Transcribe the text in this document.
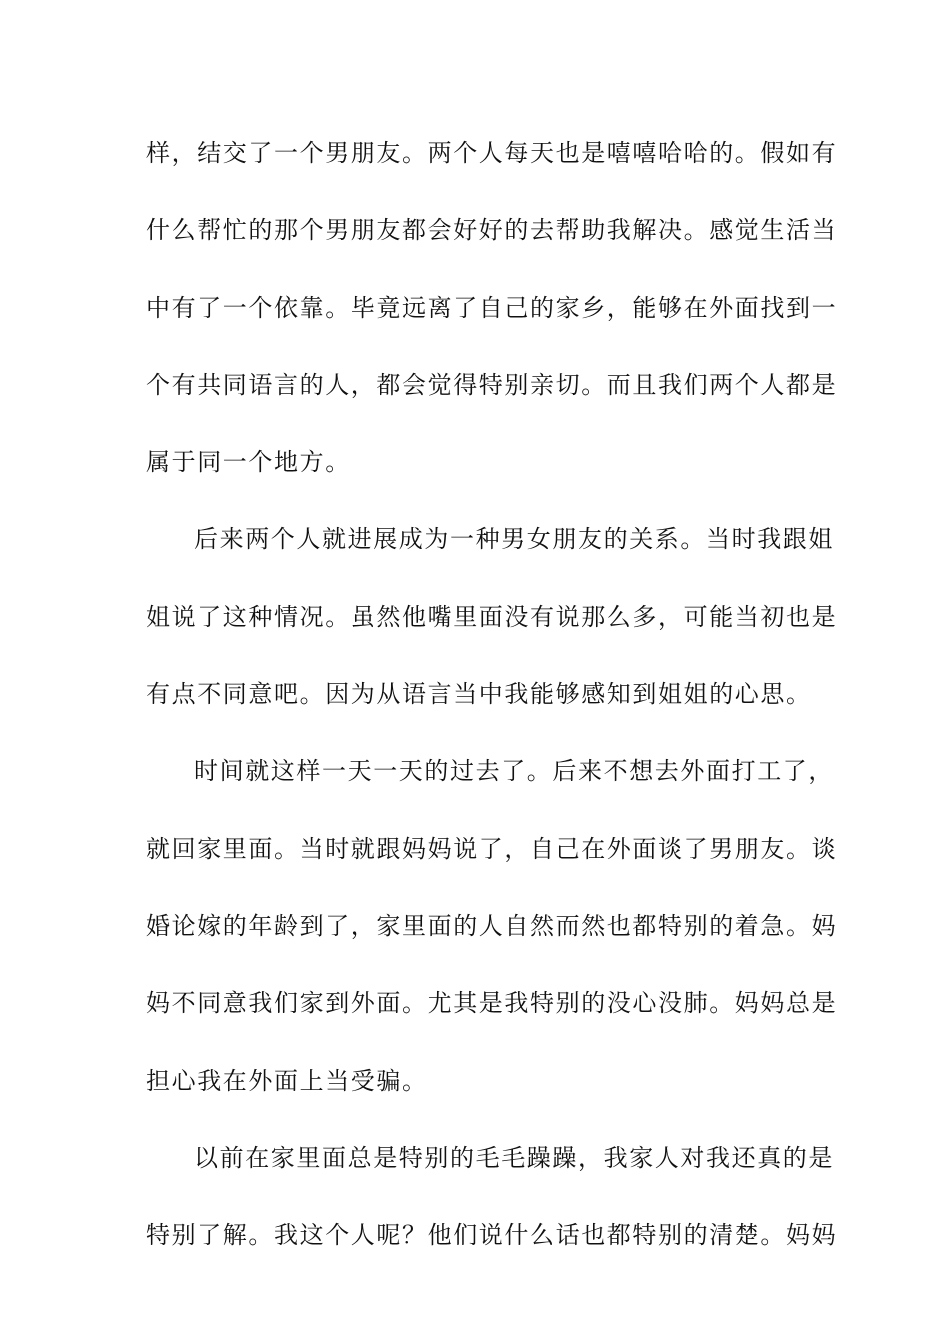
样，结交了一个男朋友。两个人每天也是嘻嘻哈哈的。假如有
什么帮忙的那个男朋友都会好好的去帮助我解决。感觉生活当
中有了一个依靠。毕竟远离了自己的家乡，能够在外面找到一
个有共同语言的人，都会觉得特别亲切。而且我们两个人都是
属于同一个地方。
后来两个人就进展成为一种男女朋友的关系。当时我跟姐
姐说了这种情况。虽然他嘴里面没有说那么多，可能当初也是
有点不同意吧。因为从语言当中我能够感知到姐姐的心思。
时间就这样一天一天的过去了。后来不想去外面打工了，
就回家里面。当时就跟妈妈说了，自己在外面谈了男朋友。谈
婚论嫁的年龄到了，家里面的人自然而然也都特别的着急。妈
妈不同意我们家到外面。尤其是我特别的没心没肺。妈妈总是
担心我在外面上当受骗。
以前在家里面总是特别的毛毛躁躁，我家人对我还真的是
特别了解。我这个人呢？他们说什么话也都特别的清楚。妈妈
